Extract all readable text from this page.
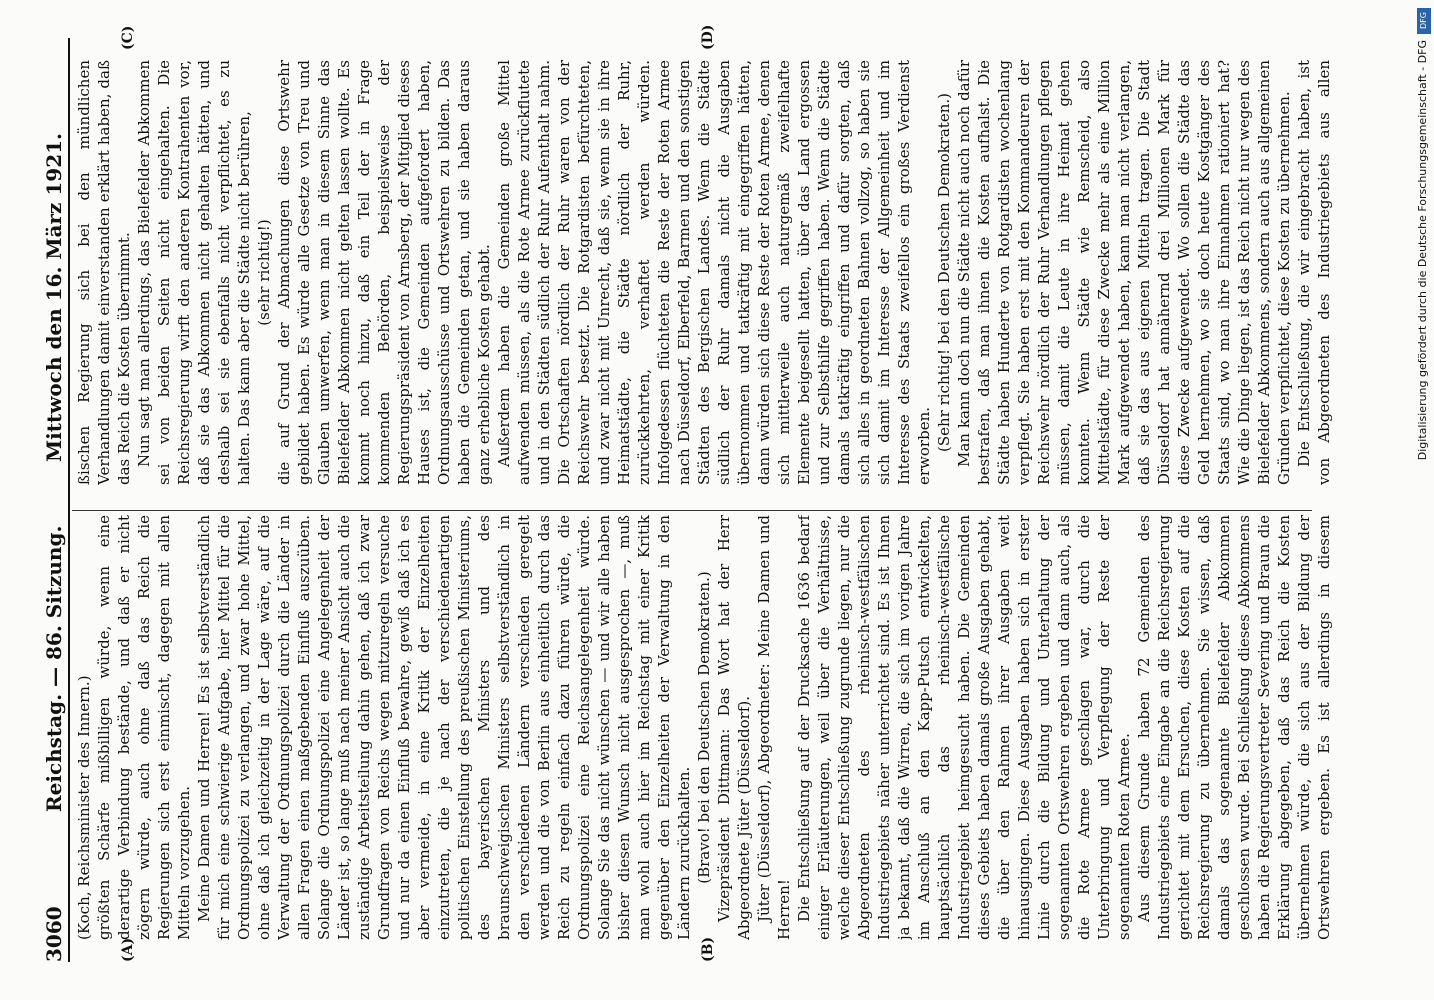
3060
Reichstag. — 86. Sitzung.
Mittwoch den 16. März 1921.
(A)	(B)
(C)	(D)

(Koch, Reichsminister des Innern.) größten Schärfe mißbilligen würde, wenn eine derartige Verbindung bestände, und daß er nicht zögern würde, auch ohne daß das Reich die Regierungen sich erst einmischt, dagegen mit allen Mitteln vorzugehen. Meine Damen und Herren! Es ist selbstverständlich für mich eine schwierige Aufgabe, hier Mittel für die Ordnungspolizei zu verlangen, und zwar hohe Mittel, ohne daß ich gleichzeitig in der Lage wäre, auf die Verwaltung der Ordnungspolizei durch die Länder in allen Fragen einen maßgebenden Einfluß auszuüben. Solange die Ordnungspolizei eine Angelegenheit der Länder ist, so lange muß nach meiner Ansicht auch die zuständige Arbeitsteilung dahin gehen, daß ich zwar Grundfragen von Reichs wegen mitzuregeln versuche und nur da einen Einfluß bewahre, gewiß daß ich es aber vermeide, in eine Kritik der Einzelheiten einzutreten, die je nach der verschiedenartigen politischen Einstellung des preußischen Ministeriums, des bayerischen Ministers und des braunschweigischen Ministers selbstverständlich in den verschiedenen Ländern verschieden geregelt werden und die von Berlin aus einheitlich durch das Reich zu regeln einfach dazu führen würde, die Ordnungspolizei eine Reichsangelegenheit würde. Solange Sie das nicht wünschen — und wir alle haben bisher diesen Wunsch nicht ausgesprochen —, muß man wohl auch hier im Reichstag mit einer Kritik gegenüber den Einzelheiten der Verwaltung in den Ländern zurückhalten. (Bravo! bei den Deutschen Demokraten.) Vizepräsident Dittmann: Das Wort hat der Herr Abgeordnete Jüter (Düsseldorf). Jüter (Düsseldorf), Abgeordneter: Meine Damen und Herren! Die Entschließung auf der Drucksache 1636 bedarf einiger Erläuterungen, weil über die Verhältnisse, welche dieser Entschließung zugrunde liegen, nur die Abgeordneten des rheinisch-westfälischen Industriegebiets näher unterrichtet sind. Es ist Ihnen ja bekannt, daß die Wirren, die sich im vorigen Jahre im Anschluß an den Kapp-Putsch entwickelten, hauptsächlich das rheinisch-westfälische Industriegebiet heimgesucht haben. Die Gemeinden dieses Gebiets haben damals große Ausgaben gehabt, die über den Rahmen ihrer Ausgaben weit hinausgingen. Diese Ausgaben haben sich in erster Linie durch die Bildung und Unterhaltung der sogenannten Ortswehren ergeben und dann auch, als die Rote Armee geschlagen war, durch die Unterbringung und Verpflegung der Reste der sogenannten Roten Armee. Aus diesem Grunde haben 72 Gemeinden des Industriegebiets eine Eingabe an die Reichsregierung gerichtet mit dem Ersuchen, diese Kosten auf die Reichsregierung zu übernehmen. Sie wissen, daß damals das sogenannte Bielefelder Abkommen geschlossen wurde. Bei Schließung dieses Abkommens haben die Regierungsvertreter Severing und Braun die Erklärung abgegeben, daß das Reich die Kosten übernehmen würde, die sich aus der Bildung der Ortswehren ergeben. Es ist allerdings in diesem

ßischen Regierung sich bei den mündlichen Verhandlungen damit einverstanden erklärt haben, daß das Reich die Kosten übernimmt. Nun sagt man allerdings, das Bielefelder Abkommen sei von beiden Seiten nicht eingehalten. Die Reichsregierung wirft den anderen Kontrahenten vor, daß sie das Abkommen nicht gehalten hätten, und deshalb sei sie ebenfalls nicht verpflichtet, es zu halten. Das kann aber die Städte nicht berühren, (sehr richtig!) die auf Grund der Abmachungen diese Ortswehr gebildet haben. Es würde alle Gesetze von Treu und Glauben umwerfen, wenn man in diesem Sinne das Bielefelder Abkommen nicht gelten lassen wollte. Es kommt noch hinzu, daß ein Teil der in Frage kommenden Behörden, beispielsweise der Regierungspräsident von Arnsberg, der Mitglied dieses Hauses ist, die Gemeinden aufgefordert haben, Ordnungsausschüsse und Ortswehren zu bilden. Das haben die Gemeinden getan, und sie haben daraus ganz erhebliche Kosten gehabt. Außerdem haben die Gemeinden große Mittel aufwenden müssen, als die Rote Armee zurückflutete und in den Städten südlich der Ruhr Aufenthalt nahm. Die Ortschaften nördlich der Ruhr waren von der Reichswehr besetzt. Die Rotgardisten befürchteten, und zwar nicht mit Unrecht, daß sie, wenn sie in ihre Heimatstädte, die Städte nördlich der Ruhr, zurückkehrten, verhaftet werden würden. Infolgedessen flüchteten die Reste der Roten Armee nach Düsseldorf, Elberfeld, Barmen und den sonstigen Städten des Bergischen Landes. Wenn die Städte südlich der Ruhr damals nicht die Ausgaben übernommen und tatkräftig mit eingegriffen hätten, dann würden sich diese Reste der Roten Armee, denen sich mittlerweile auch naturgemäß zweifelhafte Elemente beigesellt hatten, über das Land ergossen und zur Selbsthilfe gegriffen haben. Wenn die Städte damals tatkräftig eingriffen und dafür sorgten, daß sich alles in geordneten Bahnen vollzog, so haben sie sich damit im Interesse der Allgemeinheit und im Interesse des Staats zweifellos ein großes Verdienst erworben. (Sehr richtig! bei den Deutschen Demokraten.) Man kann doch nun die Städte nicht auch noch dafür bestrafen, daß man ihnen die Kosten aufhalst. Die Städte haben Hunderte von Rotgardisten wochenlang verpflegt. Sie haben erst mit den Kommandeuren der Reichswehr nördlich der Ruhr Verhandlungen pflegen müssen, damit die Leute in ihre Heimat gehen konnten. Wenn Städte wie Remscheid, also Mittelstädte, für diese Zwecke mehr als eine Million Mark aufgewendet haben, kann man nicht verlangen, daß sie das aus eigenen Mitteln tragen. Die Stadt Düsseldorf hat annähernd drei Millionen Mark für diese Zwecke aufgewendet. Wo sollen die Städte das Geld hernehmen, wo sie doch heute Kostgänger des Staats sind, wo man ihre Einnahmen rationiert hat? Wie die Dinge liegen, ist das Reich nicht nur wegen des Bielefelder Abkommens, sondern auch aus allgemeinen Gründen verpflichtet, diese Kosten zu übernehmen. Die Entschließung, die wir eingebracht haben, ist von Abgeordneten des Industriegebiets aus allen

DFG
Digitalisierung gefördert durch die Deutsche Forschungsgemeinschaft - DFG
